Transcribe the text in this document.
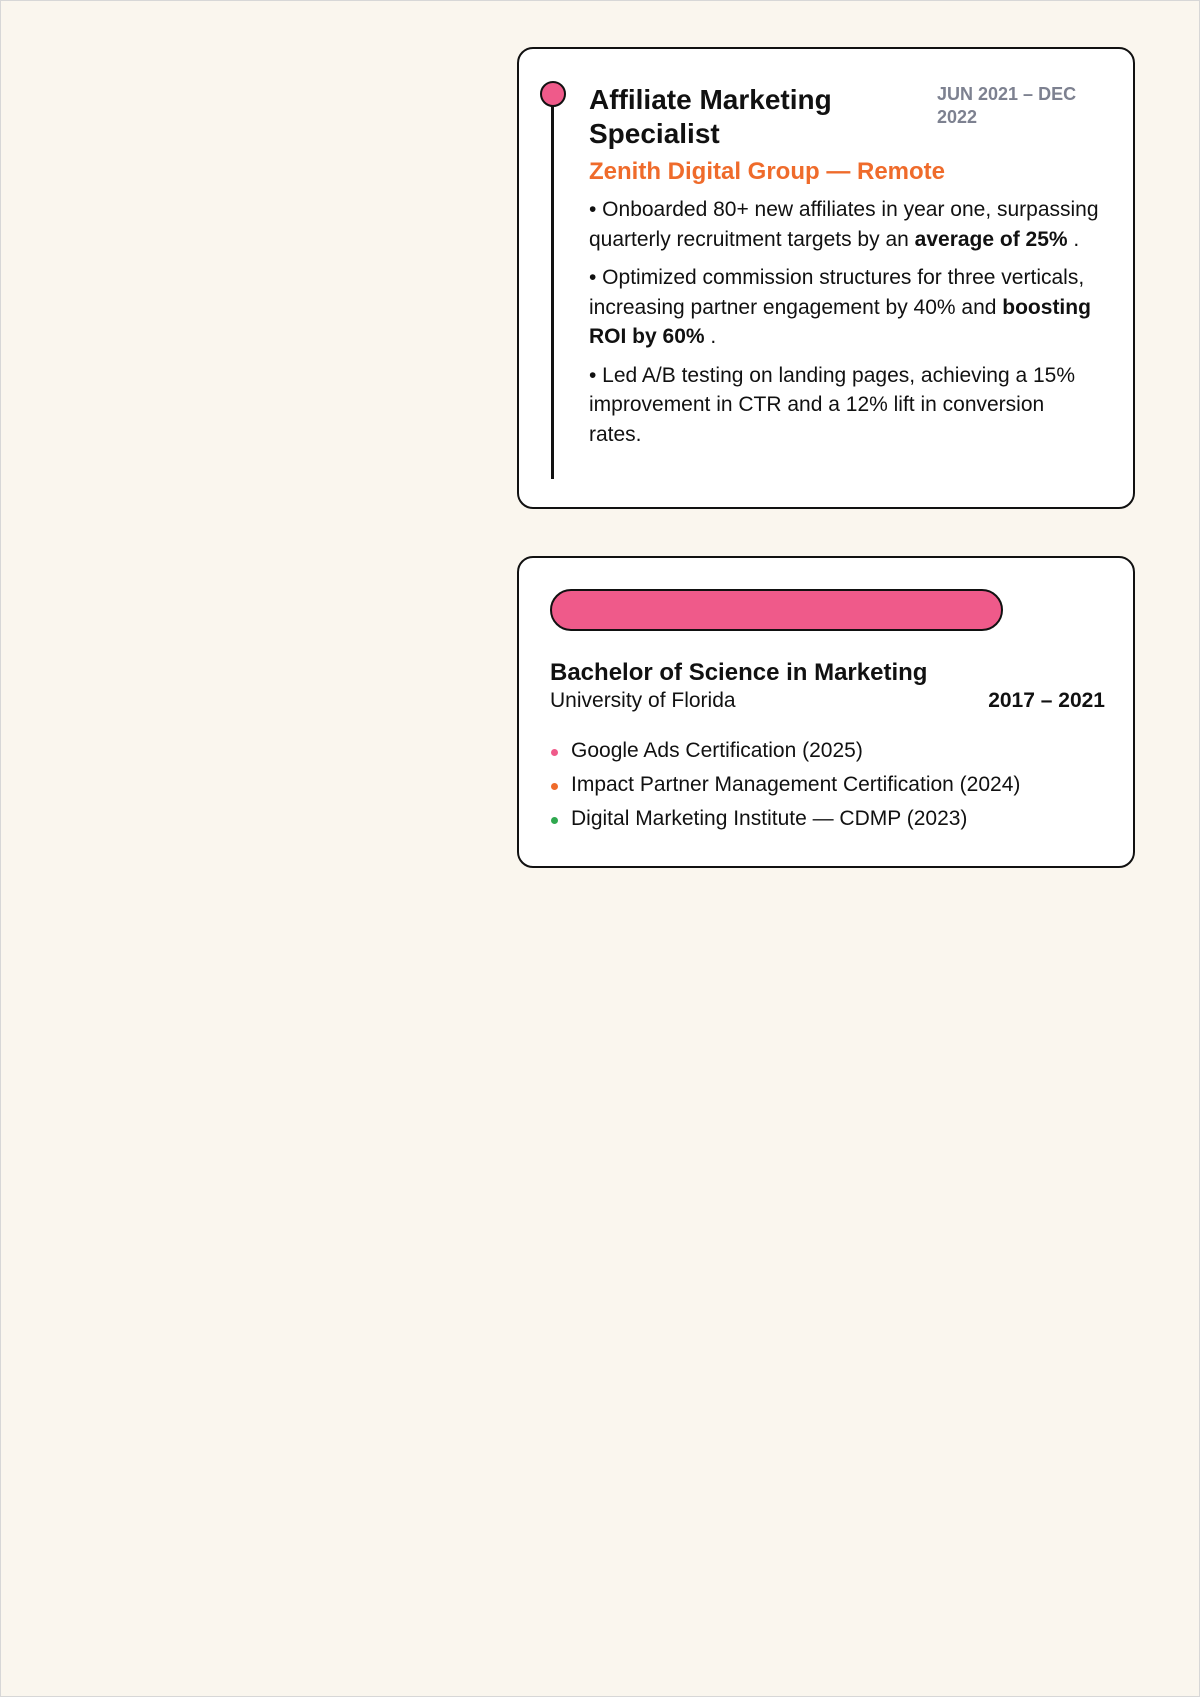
Affiliate Marketing Specialist
JUN 2021 – DEC 2022
Zenith Digital Group — Remote
• Onboarded 80+ new affiliates in year one, surpassing quarterly recruitment targets by an average of 25% .
• Optimized commission structures for three verticals, increasing partner engagement by 40% and boosting ROI by 60% .
• Led A/B testing on landing pages, achieving a 15% improvement in CTR and a 12% lift in conversion rates.
Bachelor of Science in Marketing
University of Florida	2017 – 2021
Google Ads Certification (2025)
Impact Partner Management Certification (2024)
Digital Marketing Institute — CDMP (2023)
